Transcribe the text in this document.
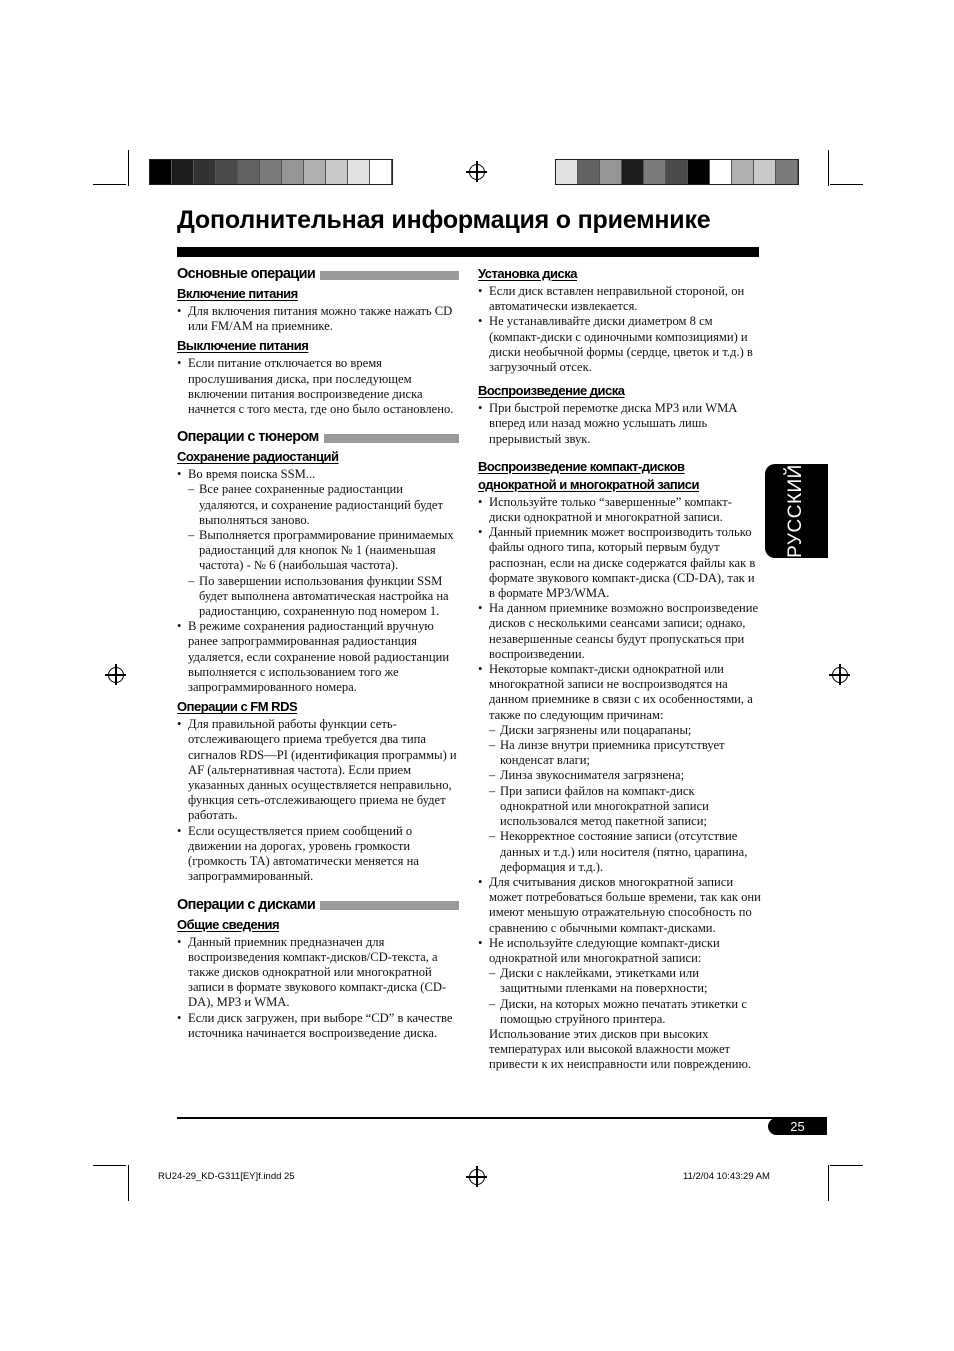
Дополнительная информация о приемнике
Основные операции
Включение питания
• Для включения питания можно также нажать CD или FM/AM на приемнике.
Выключение питания
• Если питание отключается во время прослушивания диска, при последующем включении питания воспроизведение диска начнется с того места, где оно было остановлено.
Операции с тюнером
Сохранение радиостанций
• Во время поиска SSM...
– Все ранее сохраненные радиостанции удаляются, и сохранение радиостанций будет выполняться заново.
– Выполняется программирование принимаемых радиостанций для кнопок № 1 (наименьшая частота) - № 6 (наибольшая частота).
– По завершении использования функции SSM будет выполнена автоматическая настройка на радиостанцию, сохраненную под номером 1.
• В режиме сохранения радиостанций вручную ранее запрограммированная радиостанция удаляется, если сохранение новой радиостанции выполняется с использованием того же запрограммированного номера.
Операции с FM RDS
• Для правильной работы функции сеть-отслеживающего приема требуется два типа сигналов RDS—PI (идентификация программы) и AF (альтернативная частота). Если прием указанных данных осуществляется неправильно, функция сеть-отслеживающего приема не будет работать.
• Если осуществляется прием сообщений о движении на дорогах, уровень громкости (громкость TA) автоматически меняется на запрограммированный.
Операции с дисками
Общие сведения
• Данный приемник предназначен для воспроизведения компакт-дисков/CD-текста, а также дисков однократной или многократной записи в формате звукового компакт-диска (CD-DA), MP3 и WMA.
• Если диск загружен, при выборе “CD” в качестве источника начинается воспроизведение диска.
Установка диска
• Если диск вставлен неправильной стороной, он автоматически извлекается.
• Не устанавливайте диски диаметром 8 см (компакт-диски с одиночными композициями) и диски необычной формы (сердце, цветок и т.д.) в загрузочный отсек.
Воспроизведение диска
• При быстрой перемотке диска MP3 или WMA вперед или назад можно услышать лишь прерывистый звук.
Воспроизведение компакт-дисков
однократной и многократной записи
• Используйте только “завершенные” компакт-диски однократной и многократной записи.
• Данный приемник может воспроизводить только файлы одного типа, который первым будут распознан, если на диске содержатся файлы как в формате звукового компакт-диска (CD-DA), так и в формате MP3/WMA.
• На данном приемнике возможно воспроизведение дисков с несколькими сеансами записи; однако, незавершенные сеансы будут пропускаться при воспроизведении.
• Некоторые компакт-диски однократной или многократной записи не воспроизводятся на данном приемнике в связи с их особенностями, а также по следующим причинам:
– Диски загрязнены или поцарапаны;
– На линзе внутри приемника присутствует конденсат влаги;
– Линза звукоснимателя загрязнена;
– При записи файлов на компакт-диск однократной или многократной записи использовался метод пакетной записи;
– Некорректное состояние записи (отсутствие данных и т.д.) или носителя (пятно, царапина, деформация и т.д.).
• Для считывания дисков многократной записи может потребоваться больше времени, так как они имеют меньшую отражательную способность по сравнению с обычными компакт-дисками.
• Не используйте следующие компакт-диски однократной или многократной записи:
– Диски с наклейками, этикетками или защитными пленками на поверхности;
– Диски, на которых можно печатать этикетки с помощью струйного принтера.
Использование этих дисков при высоких температурах или высокой влажности может привести к их неисправности или повреждению.
РУССКИЙ
25
RU24-29_KD-G311[EY]f.indd 25	11/2/04 10:43:29 AM
